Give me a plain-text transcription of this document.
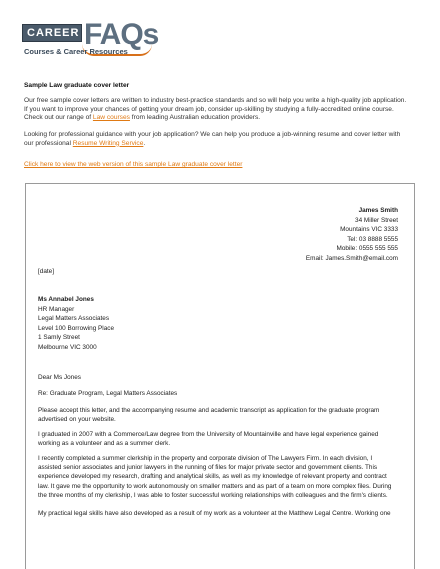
CAREER FAQs
Courses & Career Resources
Sample Law graduate cover letter
Our free sample cover letters are written to industry best-practice standards and so will help you write a high-quality job application.
If you want to improve your chances of getting your dream job, consider up-skilling by studying a fully-accredited online course.
Check out our range of Law courses from leading Australian education providers.
Looking for professional guidance with your job application? We can help you produce a job-winning resume and cover letter with
our professional Resume Writing Service.
Click here to view the web version of this sample Law graduate cover letter
James Smith
34 Miller Street
Mountains VIC 3333
Tel: 03 8888 5555
Mobile: 0555 555 555
Email: James.Smith@email.com
[date]
Ms Annabel Jones
HR Manager
Legal Matters Associates
Level 100 Borrowing Place
1 Samly Street
Melbourne VIC 3000
Dear Ms Jones
Re: Graduate Program, Legal Matters Associates
Please accept this letter, and the accompanying resume and academic transcript as application for the graduate program
advertised on your website.
I graduated in 2007 with a Commerce/Law degree from the University of Mountainville and have legal experience gained
working as a volunteer and as a summer clerk.
I recently completed a summer clerkship in the property and corporate division of The Lawyers Firm. In each division, I
assisted senior associates and junior lawyers in the running of files for major private sector and government clients. This
experience developed my research, drafting and analytical skills, as well as my knowledge of relevant property and contract
law. It gave me the opportunity to work autonomously on smaller matters and as part of a team on more complex files. During
the three months of my clerkship, I was able to foster successful working relationships with colleagues and the firm's clients.
My practical legal skills have also developed as a result of my work as a volunteer at the Matthew Legal Centre. Working one
